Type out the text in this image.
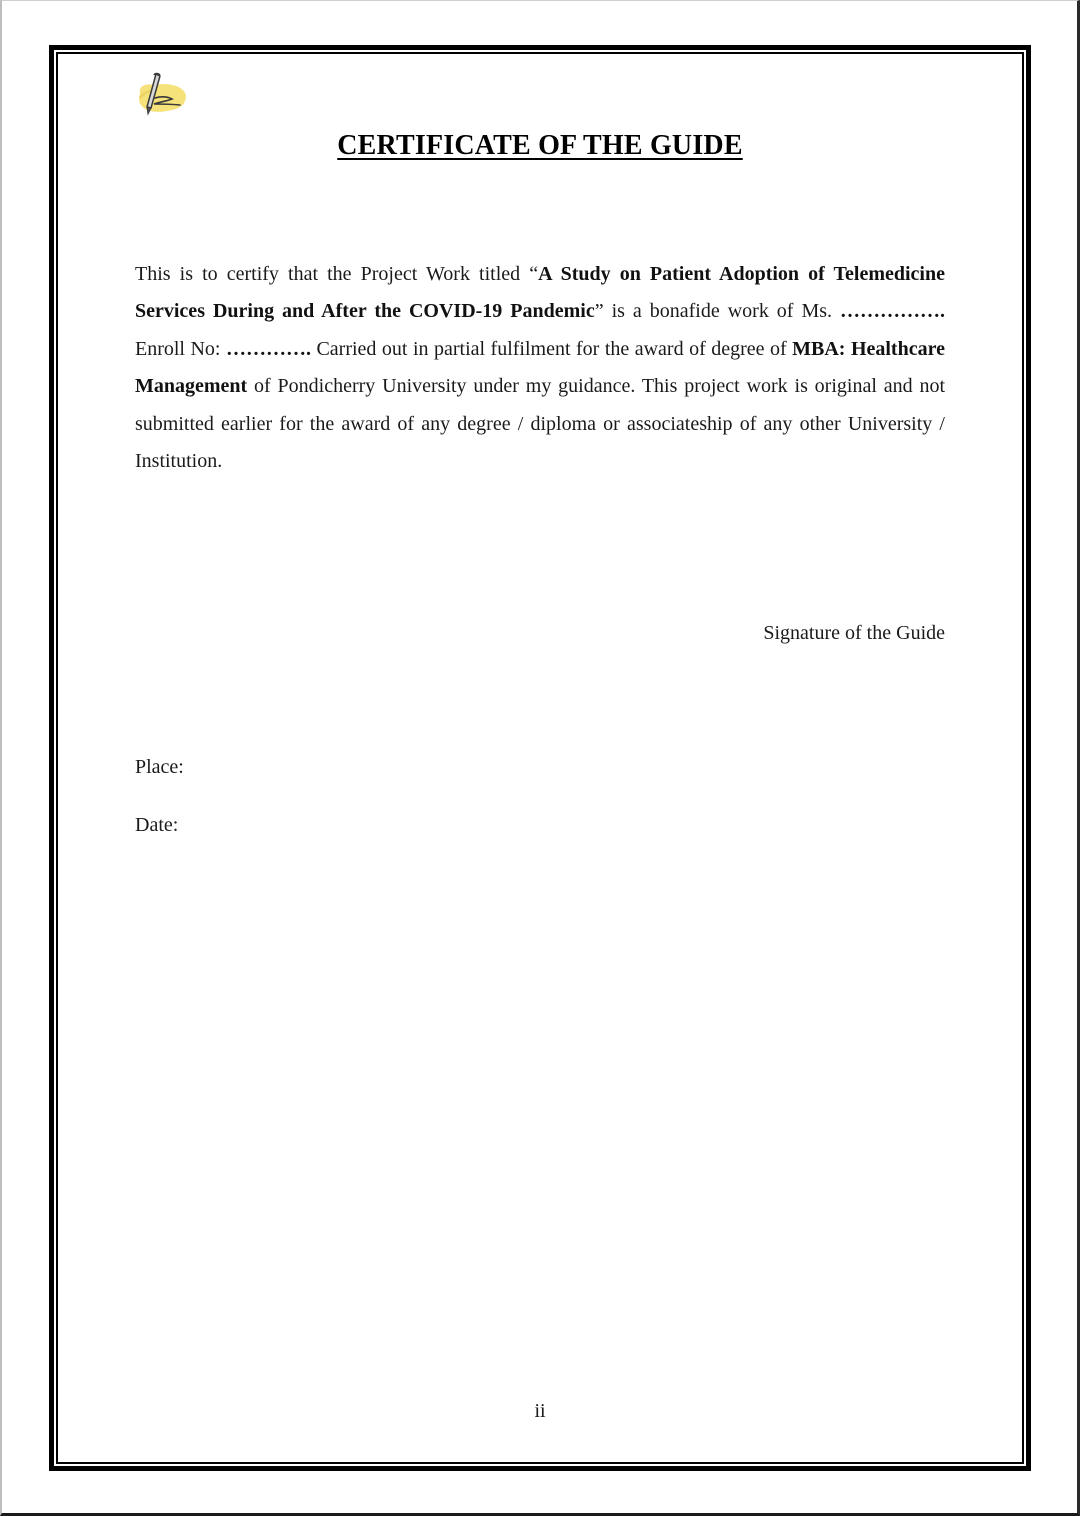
CERTIFICATE OF THE GUIDE
This is to certify that the Project Work titled “A Study on Patient Adoption of Telemedicine Services During and After the COVID-19 Pandemic” is a bonafide work of Ms. ……………. Enroll No: …………. Carried out in partial fulfilment for the award of degree of MBA: Healthcare Management of Pondicherry University under my guidance. This project work is original and not submitted earlier for the award of any degree / diploma or associateship of any other University / Institution.
Signature of the Guide
Place:
Date:
ii
